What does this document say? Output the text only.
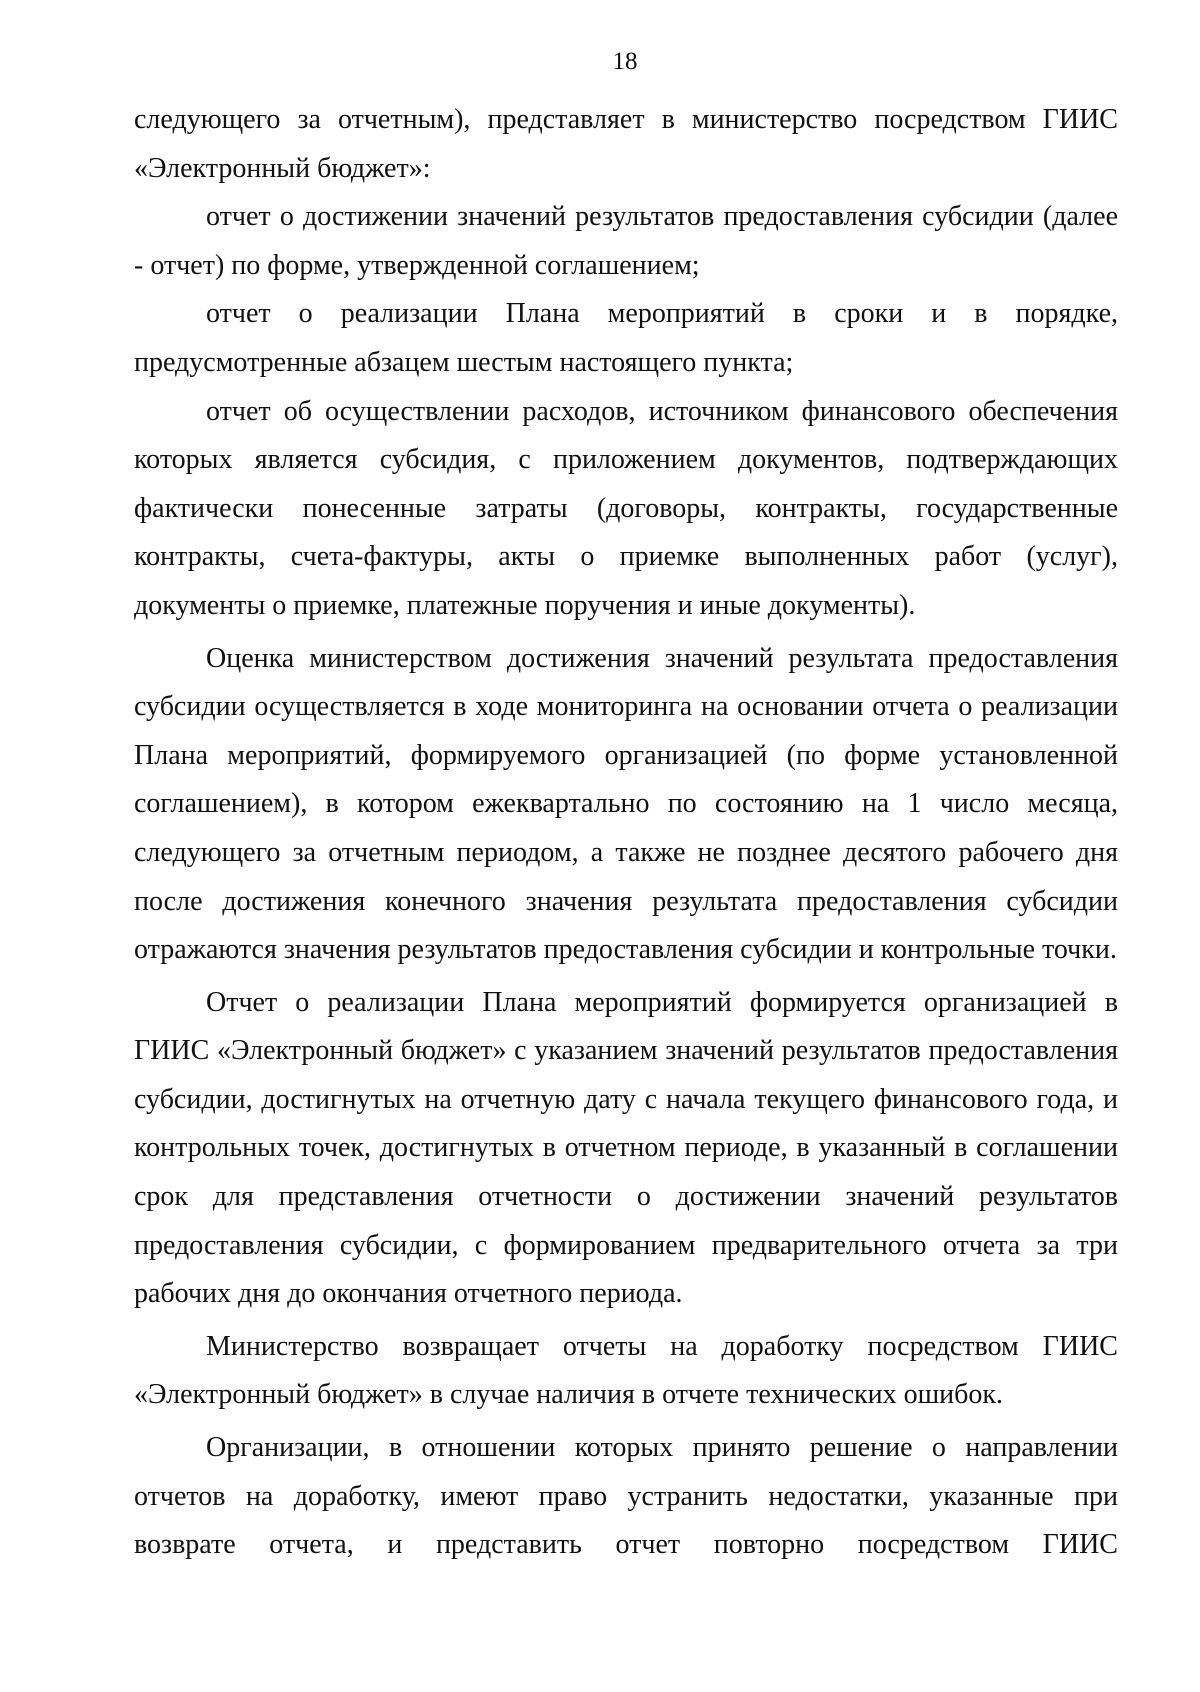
18

следующего за отчетным), представляет в министерство посредством ГИИС «Электронный бюджет»:

отчет о достижении значений результатов предоставления субсидии (далее - отчет) по форме, утвержденной соглашением;

отчет о реализации Плана мероприятий в сроки и в порядке, предусмотренные абзацем шестым настоящего пункта;

отчет об осуществлении расходов, источником финансового обеспечения которых является субсидия, с приложением документов, подтверждающих фактически понесенные затраты (договоры, контракты, государственные контракты, счета-фактуры, акты о приемке выполненных работ (услуг), документы о приемке, платежные поручения и иные документы).

Оценка министерством достижения значений результата предоставления субсидии осуществляется в ходе мониторинга на основании отчета о реализации Плана мероприятий, формируемого организацией (по форме установленной соглашением), в котором ежеквартально по состоянию на 1 число месяца, следующего за отчетным периодом, а также не позднее десятого рабочего дня после достижения конечного значения результата предоставления субсидии отражаются значения результатов предоставления субсидии и контрольные точки.

Отчет о реализации Плана мероприятий формируется организацией в ГИИС «Электронный бюджет» с указанием значений результатов предоставления субсидии, достигнутых на отчетную дату с начала текущего финансового года, и контрольных точек, достигнутых в отчетном периоде, в указанный в соглашении срок для представления отчетности о достижении значений результатов предоставления субсидии, с формированием предварительного отчета за три рабочих дня до окончания отчетного периода.

Министерство возвращает отчеты на доработку посредством ГИИС «Электронный бюджет» в случае наличия в отчете технических ошибок.

Организации, в отношении которых принято решение о направлении отчетов на доработку, имеют право устранить недостатки, указанные при возврате отчета, и представить отчет повторно посредством ГИИС
